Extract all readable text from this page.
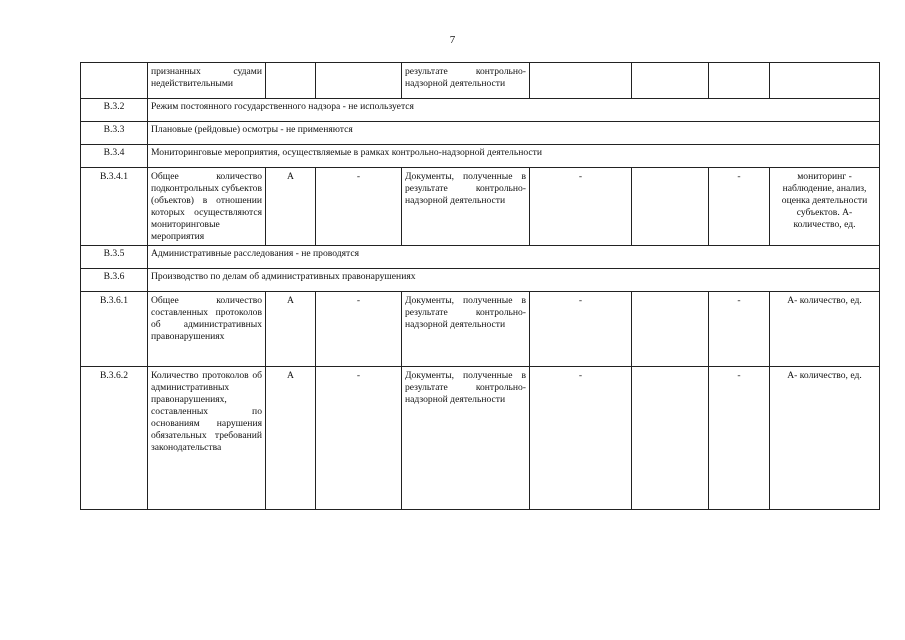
7
	признанных судами недействительными			результате контрольно-надзорной деятельности				
В.3.2	Режим постоянного государственного надзора - не используется							
В.3.3	Плановые (рейдовые) осмотры - не применяются							
В.3.4	Мониторинговые мероприятия, осуществляемые в рамках контрольно-надзорной деятельности							
В.3.4.1	Общее количество подконтрольных субъектов (объектов) в отношении которых осуществляются мониторинговые мероприятия	А	-	Документы, полученные в результате контрольно-надзорной деятельности	-		-	мониторинг - наблюдение, анализ, оценка деятельности субъектов. А- количество, ед.
В.3.5	Административные расследования - не проводятся							
В.3.6	Производство по делам об административных правонарушениях							
В.3.6.1	Общее количество составленных протоколов об административных правонарушениях	А	-	Документы, полученные в результате контрольно-надзорной деятельности	-		-	А- количество, ед.
В.3.6.2	Количество протоколов об административных правонарушениях, составленных по основаниям нарушения обязательных требований законодательства	А	-	Документы, полученные в результате контрольно-надзорной деятельности	-		-	А- количество, ед.
